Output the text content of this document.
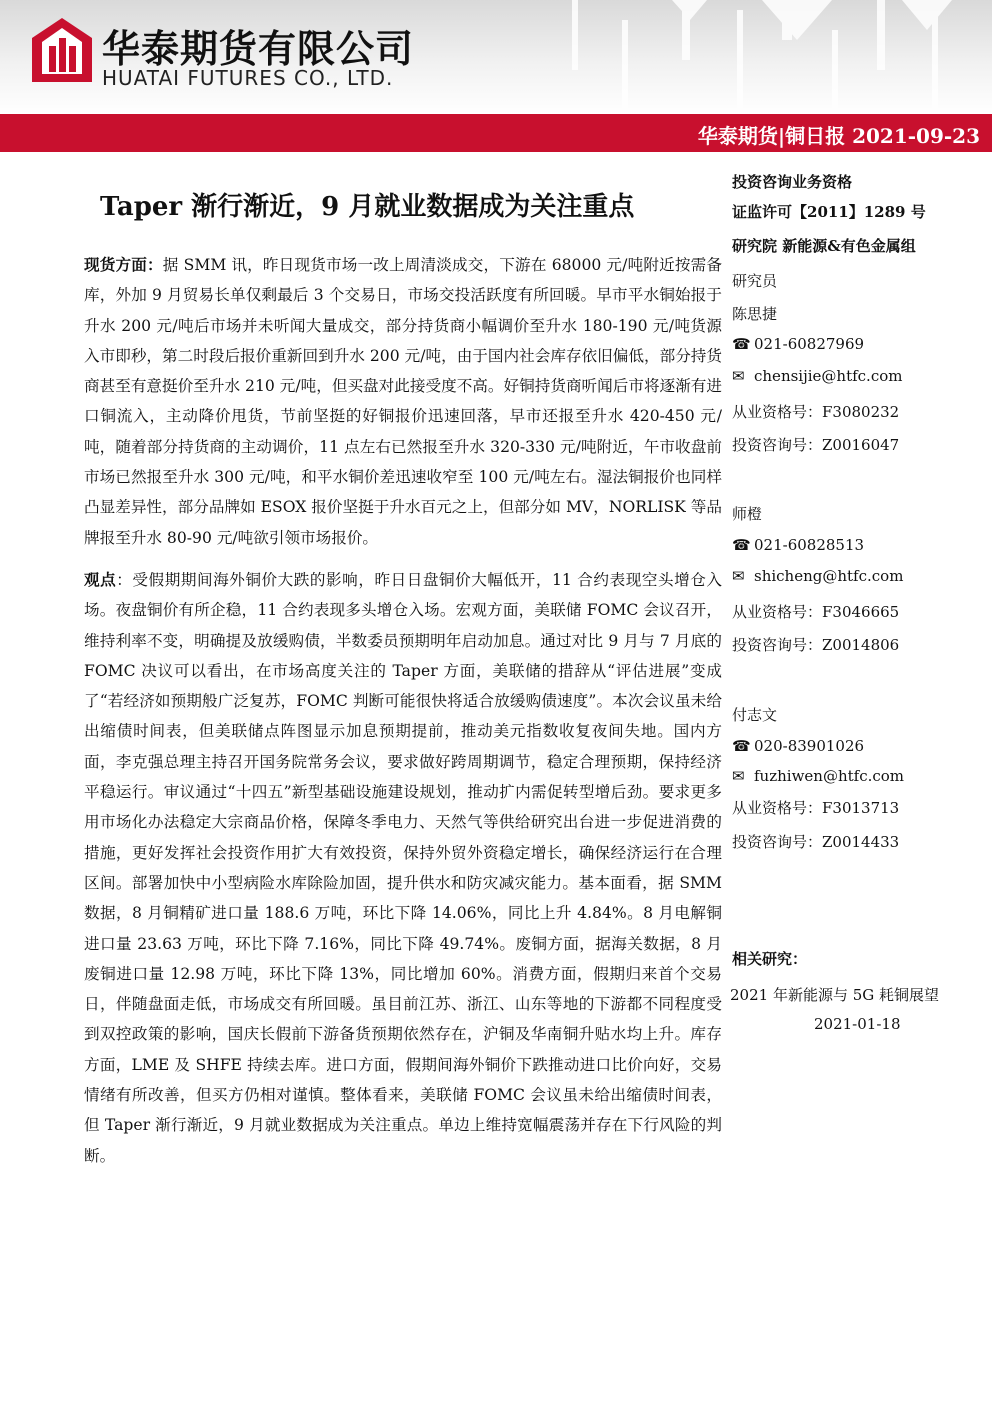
华泰期货有限公司
HUATAI FUTURES CO., LTD.
华泰期货|铜日报 2021-09-23
Taper 渐行渐近，9 月就业数据成为关注重点

现货方面：据 SMM 讯，昨日现货市场一改上周清淡成交，下游在 68000 元/吨附近按需备库，外加 9 月贸易长单仅剩最后 3 个交易日，市场交投活跃度有所回暖。早市平水铜始报于升水 200 元/吨后市场并未听闻大量成交，部分持货商小幅调价至升水 180-190 元/吨货源入市即秒，第二时段后报价重新回到升水 200 元/吨，由于国内社会库存依旧偏低，部分持货商甚至有意挺价至升水 210 元/吨，但买盘对此接受度不高。好铜持货商听闻后市将逐渐有进口铜流入，主动降价甩货，节前坚挺的好铜报价迅速回落，早市还报至升水 420-450 元/吨，随着部分持货商的主动调价，11 点左右已然报至升水 320-330 元/吨附近，午市收盘前市场已然报至升水 300 元/吨，和平水铜价差迅速收窄至 100 元/吨左右。湿法铜报价也同样凸显差异性，部分品牌如 ESOX 报价坚挺于升水百元之上，但部分如 MV，NORLISK 等品牌报至升水 80-90 元/吨欲引领市场报价。

观点：受假期期间海外铜价大跌的影响，昨日日盘铜价大幅低开，11 合约表现空头增仓入场。夜盘铜价有所企稳，11 合约表现多头增仓入场。宏观方面，美联储 FOMC 会议召开，维持利率不变，明确提及放缓购债，半数委员预期明年启动加息。通过对比 9 月与 7 月底的 FOMC 决议可以看出，在市场高度关注的 Taper 方面，美联储的措辞从“评估进展”变成了“若经济如预期般广泛复苏，FOMC 判断可能很快将适合放缓购债速度”。本次会议虽未给出缩债时间表，但美联储点阵图显示加息预期提前，推动美元指数收复夜间失地。国内方面，李克强总理主持召开国务院常务会议，要求做好跨周期调节，稳定合理预期，保持经济平稳运行。审议通过“十四五”新型基础设施建设规划，推动扩内需促转型增后劲。要求更多用市场化办法稳定大宗商品价格，保障冬季电力、天然气等供给研究出台进一步促进消费的措施，更好发挥社会投资作用扩大有效投资，保持外贸外资稳定增长，确保经济运行在合理区间。部署加快中小型病险水库除险加固，提升供水和防灾减灾能力。基本面看，据 SMM 数据，8 月铜精矿进口量 188.6 万吨，环比下降 14.06%，同比上升 4.84%。8 月电解铜进口量 23.63 万吨，环比下降 7.16%，同比下降 49.74%。废铜方面，据海关数据，8 月废铜进口量 12.98 万吨，环比下降 13%，同比增加 60%。消费方面，假期归来首个交易日，伴随盘面走低，市场成交有所回暖。虽目前江苏、浙江、山东等地的下游都不同程度受到双控政策的影响，国庆长假前下游备货预期依然存在，沪铜及华南铜升贴水均上升。库存方面，LME 及 SHFE 持续去库。进口方面，假期间海外铜价下跌推动进口比价向好，交易情绪有所改善，但买方仍相对谨慎。整体看来，美联储 FOMC 会议虽未给出缩债时间表，但 Taper 渐行渐近，9 月就业数据成为关注重点。单边上维持宽幅震荡并存在下行风险的判断。

投资咨询业务资格
证监许可【2011】1289 号
研究院 新能源&有色金属组
研究员
陈思捷
☎ 021-60827969
✉ chensijie@htfc.com
从业资格号：F3080232
投资咨询号：Z0016047
师橙
☎ 021-60828513
✉ shicheng@htfc.com
从业资格号：F3046665
投资咨询号：Z0014806
付志文
☎ 020-83901026
✉ fuzhiwen@htfc.com
从业资格号：F3013713
投资咨询号：Z0014433
相关研究：
2021 年新能源与 5G 耗铜展望
2021-01-18
